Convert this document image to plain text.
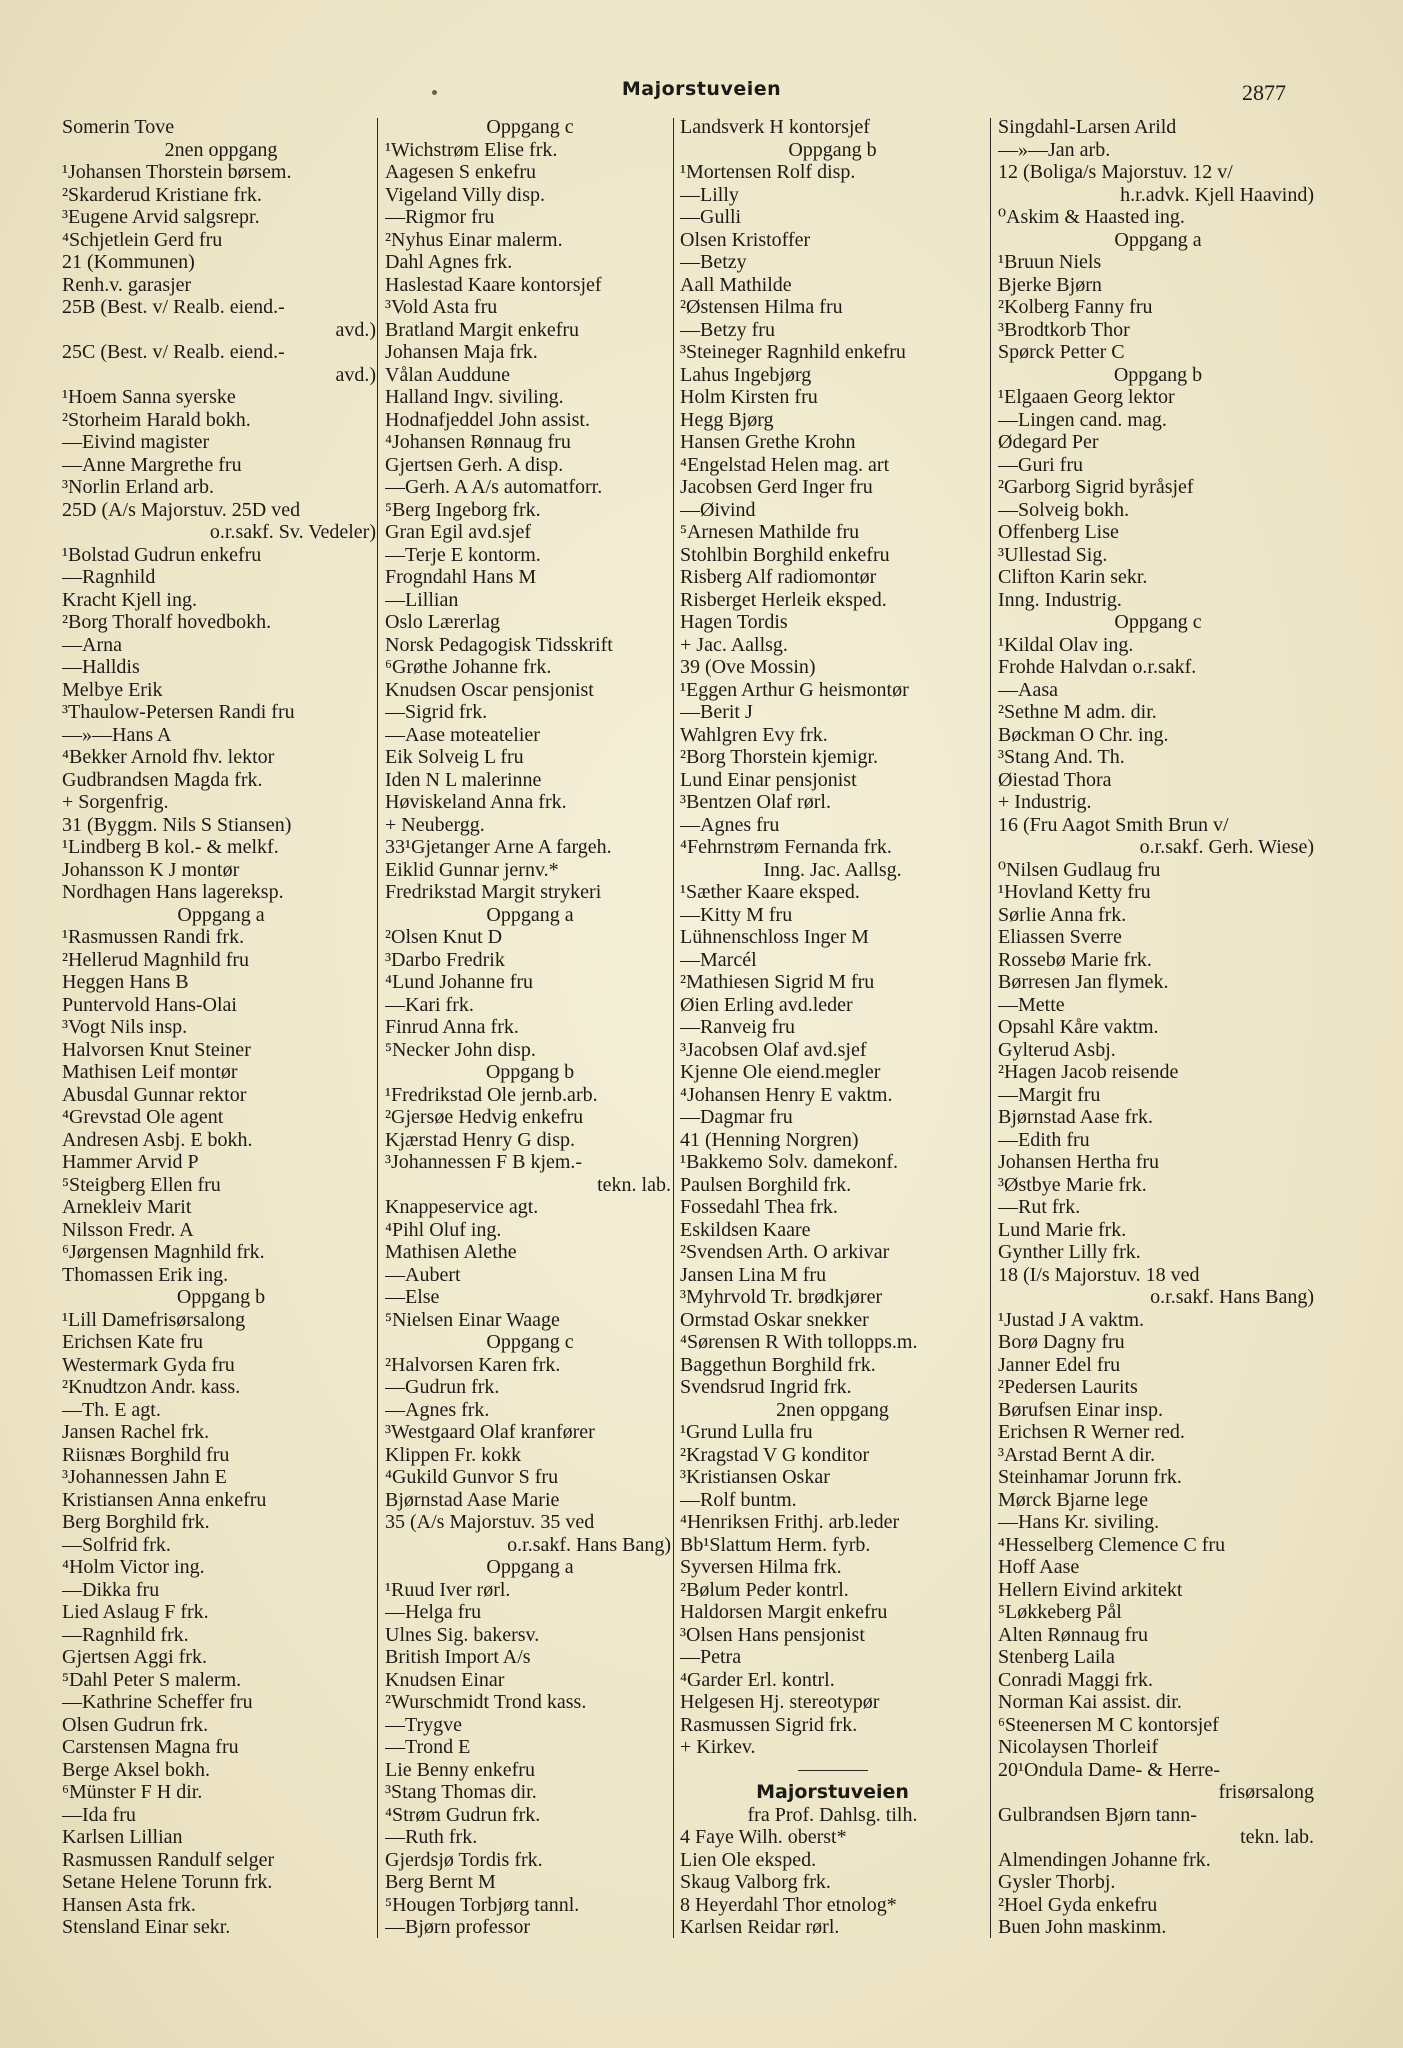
Majorstuveien	2877
Somerin Tove
2nen oppgang
¹Johansen Thorstein børsem.
²Skarderud Kristiane frk.
³Eugene Arvid salgsrepr.
⁴Schjetlein Gerd fru
21 (Kommunen)
Renh.v. garasjer
25B (Best. v/ Realb. eiend.-
avd.)
25C (Best. v/ Realb. eiend.-
avd.)
¹Hoem Sanna syerske
²Storheim Harald bokh.
—Eivind magister
—Anne Margrethe fru
³Norlin Erland arb.
25D (A/s Majorstuv. 25D ved
o.r.sakf. Sv. Vedeler)
¹Bolstad Gudrun enkefru
—Ragnhild
Kracht Kjell ing.
²Borg Thoralf hovedbokh.
—Arna
—Halldis
Melbye Erik
³Thaulow-Petersen Randi fru
—»—Hans A
⁴Bekker Arnold fhv. lektor
Gudbrandsen Magda frk.
+ Sorgenfrig.
31 (Byggm. Nils S Stiansen)
¹Lindberg B kol.- & melkf.
Johansson K J montør
Nordhagen Hans lagereksp.
Oppgang a
¹Rasmussen Randi frk.
²Hellerud Magnhild fru
Heggen Hans B
Puntervold Hans-Olai
³Vogt Nils insp.
Halvorsen Knut Steiner
Mathisen Leif montør
Abusdal Gunnar rektor
⁴Grevstad Ole agent
Andresen Asbj. E bokh.
Hammer Arvid P
⁵Steigberg Ellen fru
Arnekleiv Marit
Nilsson Fredr. A
⁶Jørgensen Magnhild frk.
Thomassen Erik ing.
Oppgang b
¹Lill Damefrisørsalong
Erichsen Kate fru
Westermark Gyda fru
²Knudtzon Andr. kass.
—Th. E agt.
Jansen Rachel frk.
Riisnæs Borghild fru
³Johannessen Jahn E
Kristiansen Anna enkefru
Berg Borghild frk.
—Solfrid frk.
⁴Holm Victor ing.
—Dikka fru
Lied Aslaug F frk.
—Ragnhild frk.
Gjertsen Aggi frk.
⁵Dahl Peter S malerm.
—Kathrine Scheffer fru
Olsen Gudrun frk.
Carstensen Magna fru
Berge Aksel bokh.
⁶Münster F H dir.
—Ida fru
Karlsen Lillian
Rasmussen Randulf selger
Setane Helene Torunn frk.
Hansen Asta frk.
Stensland Einar sekr.
Oppgang c
¹Wichstrøm Elise frk.
Aagesen S enkefru
Vigeland Villy disp.
—Rigmor fru
²Nyhus Einar malerm.
Dahl Agnes frk.
Haslestad Kaare kontorsjef
³Vold Asta fru
Bratland Margit enkefru
Johansen Maja frk.
Vålan Auddune
Halland Ingv. siviling.
Hodnafjeddel John assist.
⁴Johansen Rønnaug fru
Gjertsen Gerh. A disp.
—Gerh. A A/s automatforr.
⁵Berg Ingeborg frk.
Gran Egil avd.sjef
—Terje E kontorm.
Frogndahl Hans M
—Lillian
Oslo Lærerlag
Norsk Pedagogisk Tidsskrift
⁶Grøthe Johanne frk.
Knudsen Oscar pensjonist
—Sigrid frk.
—Aase moteatelier
Eik Solveig L fru
Iden N L malerinne
Høviskeland Anna frk.
+ Neubergg.
33¹Gjetanger Arne A fargeh.
Eiklid Gunnar jernv.*
Fredrikstad Margit strykeri
Oppgang a
²Olsen Knut D
³Darbo Fredrik
⁴Lund Johanne fru
—Kari frk.
Finrud Anna frk.
⁵Necker John disp.
Oppgang b
¹Fredrikstad Ole jernb.arb.
²Gjersøe Hedvig enkefru
Kjærstad Henry G disp.
³Johannessen F B kjem.-
tekn. lab.
Knappeservice agt.
⁴Pihl Oluf ing.
Mathisen Alethe
—Aubert
—Else
⁵Nielsen Einar Waage
Oppgang c
²Halvorsen Karen frk.
—Gudrun frk.
—Agnes frk.
³Westgaard Olaf kranfører
Klippen Fr. kokk
⁴Gukild Gunvor S fru
Bjørnstad Aase Marie
35 (A/s Majorstuv. 35 ved
o.r.sakf. Hans Bang)
Oppgang a
¹Ruud Iver rørl.
—Helga fru
Ulnes Sig. bakersv.
British Import A/s
Knudsen Einar
²Wurschmidt Trond kass.
—Trygve
—Trond E
Lie Benny enkefru
³Stang Thomas dir.
⁴Strøm Gudrun frk.
—Ruth frk.
Gjerdsjø Tordis frk.
Berg Bernt M
⁵Hougen Torbjørg tannl.
—Bjørn professor
Landsverk H kontorsjef
Oppgang b
¹Mortensen Rolf disp.
—Lilly
—Gulli
Olsen Kristoffer
—Betzy
Aall Mathilde
²Østensen Hilma fru
—Betzy fru
³Steineger Ragnhild enkefru
Lahus Ingebjørg
Holm Kirsten fru
Hegg Bjørg
Hansen Grethe Krohn
⁴Engelstad Helen mag. art
Jacobsen Gerd Inger fru
—Øivind
⁵Arnesen Mathilde fru
Stohlbin Borghild enkefru
Risberg Alf radiomontør
Risberget Herleik eksped.
Hagen Tordis
+ Jac. Aallsg.
39 (Ove Mossin)
¹Eggen Arthur G heismontør
—Berit J
Wahlgren Evy frk.
²Borg Thorstein kjemigr.
Lund Einar pensjonist
³Bentzen Olaf rørl.
—Agnes fru
⁴Fehrnstrøm Fernanda frk.
Inng. Jac. Aallsg.
¹Sæther Kaare eksped.
—Kitty M fru
Lühnenschloss Inger M
—Marcél
²Mathiesen Sigrid M fru
Øien Erling avd.leder
—Ranveig fru
³Jacobsen Olaf avd.sjef
Kjenne Ole eiend.megler
⁴Johansen Henry E vaktm.
—Dagmar fru
41 (Henning Norgren)
¹Bakkemo Solv. damekonf.
Paulsen Borghild frk.
Fossedahl Thea frk.
Eskildsen Kaare
²Svendsen Arth. O arkivar
Jansen Lina M fru
³Myhrvold Tr. brødkjører
Ormstad Oskar snekker
⁴Sørensen R With tollopps.m.
Baggethun Borghild frk.
Svendsrud Ingrid frk.
2nen oppgang
¹Grund Lulla fru
²Kragstad V G konditor
³Kristiansen Oskar
—Rolf buntm.
⁴Henriksen Frithj. arb.leder
Bb¹Slattum Herm. fyrb.
Syversen Hilma frk.
²Bølum Peder kontrl.
Haldorsen Margit enkefru
³Olsen Hans pensjonist
—Petra
⁴Garder Erl. kontrl.
Helgesen Hj. stereotypør
Rasmussen Sigrid frk.
+ Kirkev.
Majorstuveien
fra Prof. Dahlsg. tilh.
4 Faye Wilh. oberst*
Lien Ole eksped.
Skaug Valborg frk.
8 Heyerdahl Thor etnolog*
Karlsen Reidar rørl.
Singdahl-Larsen Arild
—»—Jan arb.
12 (Boliga/s Majorstuv. 12 v/
h.r.advk. Kjell Haavind)
⁰Askim & Haasted ing.
Oppgang a
¹Bruun Niels
Bjerke Bjørn
²Kolberg Fanny fru
³Brodtkorb Thor
Spørck Petter C
Oppgang b
¹Elgaaen Georg lektor
—Lingen cand. mag.
Ødegard Per
—Guri fru
²Garborg Sigrid byråsjef
—Solveig bokh.
Offenberg Lise
³Ullestad Sig.
Clifton Karin sekr.
Inng. Industrig.
Oppgang c
¹Kildal Olav ing.
Frohde Halvdan o.r.sakf.
—Aasa
²Sethne M adm. dir.
Bøckman O Chr. ing.
³Stang And. Th.
Øiestad Thora
+ Industrig.
16 (Fru Aagot Smith Brun v/
o.r.sakf. Gerh. Wiese)
⁰Nilsen Gudlaug fru
¹Hovland Ketty fru
Sørlie Anna frk.
Eliassen Sverre
Rossebø Marie frk.
Børresen Jan flymek.
—Mette
Opsahl Kåre vaktm.
Gylterud Asbj.
²Hagen Jacob reisende
—Margit fru
Bjørnstad Aase frk.
—Edith fru
Johansen Hertha fru
³Østbye Marie frk.
—Rut frk.
Lund Marie frk.
Gynther Lilly frk.
18 (I/s Majorstuv. 18 ved
o.r.sakf. Hans Bang)
¹Justad J A vaktm.
Borø Dagny fru
Janner Edel fru
²Pedersen Laurits
Børufsen Einar insp.
Erichsen R Werner red.
³Arstad Bernt A dir.
Steinhamar Jorunn frk.
Mørck Bjarne lege
—Hans Kr. siviling.
⁴Hesselberg Clemence C fru
Hoff Aase
Hellern Eivind arkitekt
⁵Løkkeberg Pål
Alten Rønnaug fru
Stenberg Laila
Conradi Maggi frk.
Norman Kai assist. dir.
⁶Steenersen M C kontorsjef
Nicolaysen Thorleif
20¹Ondula Dame- & Herre-
frisørsalong
Gulbrandsen Bjørn tann-
tekn. lab.
Almendingen Johanne frk.
Gysler Thorbj.
²Hoel Gyda enkefru
Buen John maskinm.
